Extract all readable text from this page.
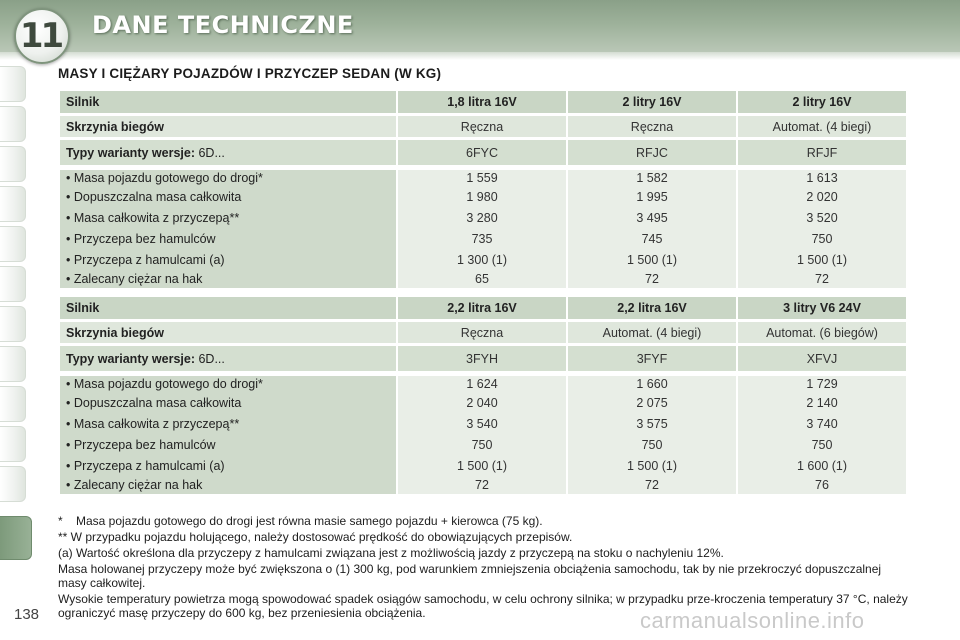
11 DANE TECHNICZNE
MASY I CIĘŻARY POJAZDÓW I PRZYCZEP SEDAN (W KG)
Silnik	1,8 litra 16V	2 litry 16V	2 litry 16V
Skrzynia biegów	Ręczna	Ręczna	Automat. (4 biegi)
Typy warianty wersje: 6D...	6FYC	RFJC	RFJF
• Masa pojazdu gotowego do drogi*	1 559	1 582	1 613
• Dopuszczalna masa całkowita	1 980	1 995	2 020
• Masa całkowita z przyczepą**	3 280	3 495	3 520
• Przyczepa bez hamulców	735	745	750
• Przyczepa z hamulcami (a)	1 300 (1)	1 500 (1)	1 500 (1)
• Zalecany ciężar na hak	65	72	72
Silnik	2,2 litra 16V	2,2 litra 16V	3 litry V6 24V
Skrzynia biegów	Ręczna	Automat. (4 biegi)	Automat. (6 biegów)
Typy warianty wersje: 6D...	3FYH	3FYF	XFVJ
• Masa pojazdu gotowego do drogi*	1 624	1 660	1 729
• Dopuszczalna masa całkowita	2 040	2 075	2 140
• Masa całkowita z przyczepą**	3 540	3 575	3 740
• Przyczepa bez hamulców	750	750	750
• Przyczepa z hamulcami (a)	1 500 (1)	1 500 (1)	1 600 (1)
• Zalecany ciężar na hak	72	72	76

* Masa pojazdu gotowego do drogi jest równa masie samego pojazdu + kierowca (75 kg).

** W przypadku pojazdu holującego, należy dostosować prędkość do obowiązujących przepisów.

(a) Wartość określona dla przyczepy z hamulcami związana jest z możliwością jazdy z przyczepą na stoku o nachyleniu 12%.

Masa holowanej przyczepy może być zwiększona o (1) 300 kg, pod warunkiem zmniejszenia obciążenia samochodu, tak by nie przekroczyć dopuszczalnej masy całkowitej.

Wysokie temperatury powietrza mogą spowodować spadek osiągów samochodu, w celu ochrony silnika; w przypadku prze-kroczenia temperatury 37 °C, należy ograniczyć masę przyczepy do 600 kg, bez przeniesienia obciążenia.

138	carmanualsonline.info
